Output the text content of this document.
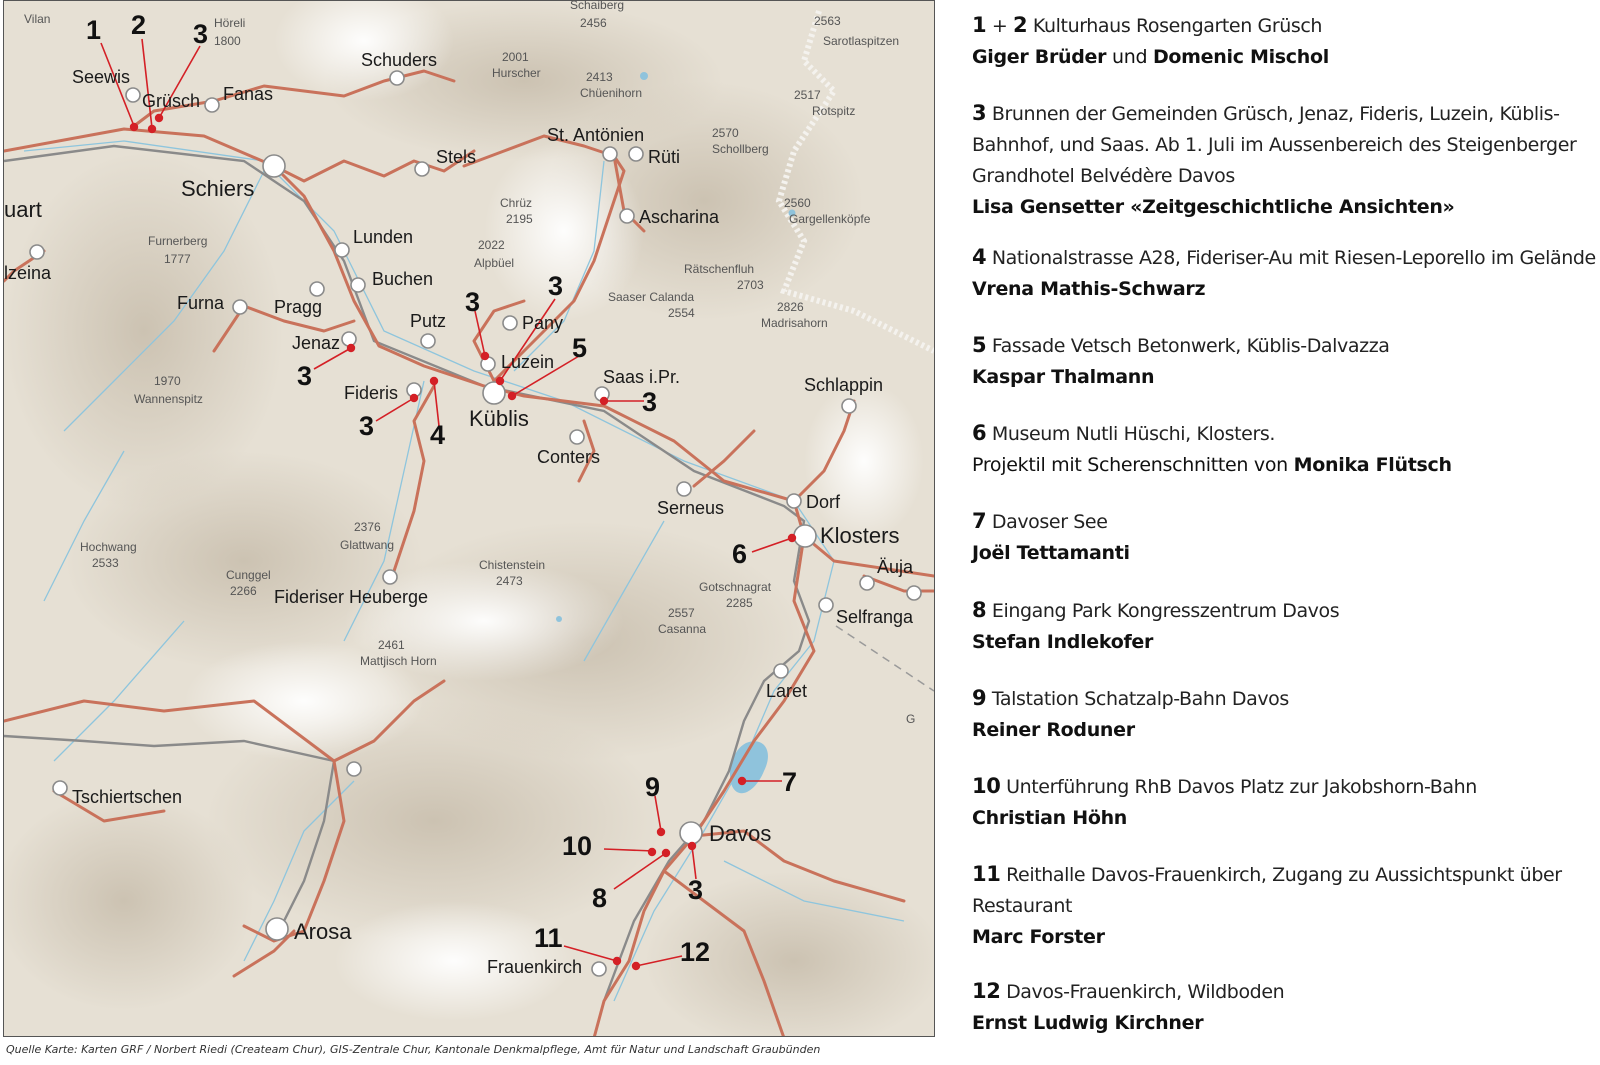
Schaiberg
2456
Höreli
1800
2001
Hurscher	2413
Chüenihorn
2563
Sarotlaspitzen
2517
Rotspitz
2570
Schollberg
2560
Gargellenköpfe
Chrüz
2195
2022
Alpbüel
Furnerberg
1777
Rätschenfluh
2703
Saaser Calanda
2554	2826
Madrisahorn
1970
Wannenspitz
2376
Glattwang
Hochwang
2533	Chistenstein
2473	Gotschnagrat
2285
Cunggel
2266
2557
Casanna
2461
Mattjisch Horn
Vilan
Seewis
Grüsch Fanas
Schuders
Schiers
Stels
St. Antönien
Rüti
Ascharina
uart
lzeina
Lunden
Buchen
Furna	Pragg
Jenaz
Putz	Pany
Luzein
Fideris
Küblis
Saas i.Pr.
Conters
Schlappin
Serneus	Dorf
Klosters
Äuja
Selfranga
Fideriser Heuberge
Laret
Tschiertschen
Davos
Arosa
Frauenkirch
G
1 2 3
3
3 4
3
3
5
3
6
7
9
10
8	3
11	12
Quelle Karte: Karten GRF / Norbert Riedi (Createam Chur), GIS-Zentrale Chur, Kantonale Denkmalpflege, Amt für Natur und Landschaft Graubünden
1 + 2 Kulturhaus Rosengarten Grüsch
Giger Brüder und Domenic Mischol
3 Brunnen der Gemeinden Grüsch, Jenaz, Fideris, Luzein, Küblis-Bahnhof, und Saas. Ab 1. Juli im Aussenbereich des Steigenberger Grandhotel Belvédère Davos
Lisa Gensetter «Zeitgeschichtliche Ansichten»
4 Nationalstrasse A28, Fideriser-Au mit Riesen-Leporello im Gelände
Vrena Mathis-Schwarz
5 Fassade Vetsch Betonwerk, Küblis-Dalvazza
Kaspar Thalmann
6 Museum Nutli Hüschi, Klosters.
Projektil mit Scherenschnitten von Monika Flütsch
7 Davoser See
Joël Tettamanti
8 Eingang Park Kongresszentrum Davos
Stefan Indlekofer
9 Talstation Schatzalp-Bahn Davos
Reiner Roduner
10 Unterführung RhB Davos Platz zur Jakobshorn-Bahn
Christian Höhn
11 Reithalle Davos-Frauenkirch, Zugang zu Aussichtspunkt über Restaurant
Marc Forster
12 Davos-Frauenkirch, Wildboden
Ernst Ludwig Kirchner
